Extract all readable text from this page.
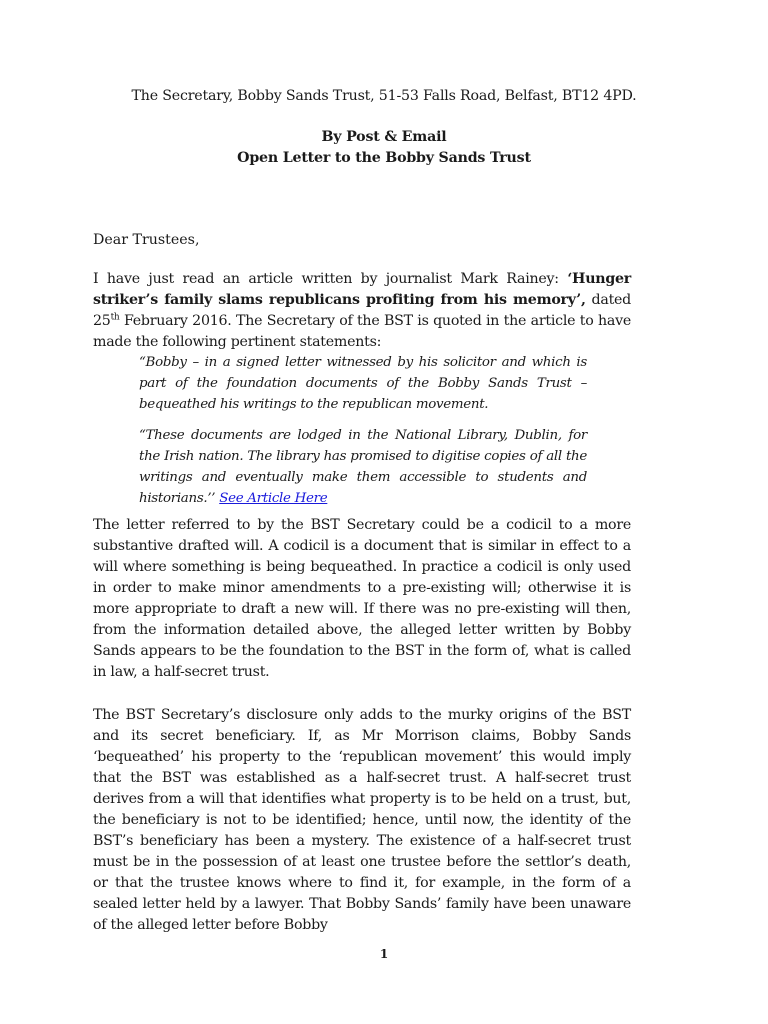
The Secretary, Bobby Sands Trust, 51-53 Falls Road, Belfast, BT12 4PD.
By Post & Email
Open Letter to the Bobby Sands Trust
Dear Trustees,

I have just read an article written by journalist Mark Rainey: ‘Hunger striker’s family slams republicans profiting from his memory’, dated 25th February 2016. The Secretary of the BST is quoted in the article to have made the following pertinent statements:

“Bobby – in a signed letter witnessed by his solicitor and which is part of the foundation documents of the Bobby Sands Trust – bequeathed his writings to the republican movement.

“These documents are lodged in the National Library, Dublin, for the Irish nation. The library has promised to digitise copies of all the writings and eventually make them accessible to students and historians.’’ See Article Here

The letter referred to by the BST Secretary could be a codicil to a more substantive drafted will. A codicil is a document that is similar in effect to a will where something is being bequeathed. In practice a codicil is only used in order to make minor amendments to a pre-existing will; otherwise it is more appropriate to draft a new will. If there was no pre-existing will then, from the information detailed above, the alleged letter written by Bobby Sands appears to be the foundation to the BST in the form of, what is called in law, a half-secret trust.

The BST Secretary’s disclosure only adds to the murky origins of the BST and its secret beneficiary. If, as Mr Morrison claims, Bobby Sands ‘bequeathed’ his property to the ‘republican movement’ this would imply that the BST was established as a half-secret trust. A half-secret trust derives from a will that identifies what property is to be held on a trust, but, the beneficiary is not to be identified; hence, until now, the identity of the BST’s beneficiary has been a mystery. The existence of a half-secret trust must be in the possession of at least one trustee before the settlor’s death, or that the trustee knows where to find it, for example, in the form of a sealed letter held by a lawyer. That Bobby Sands’ family have been unaware of the alleged letter before Bobby

1
